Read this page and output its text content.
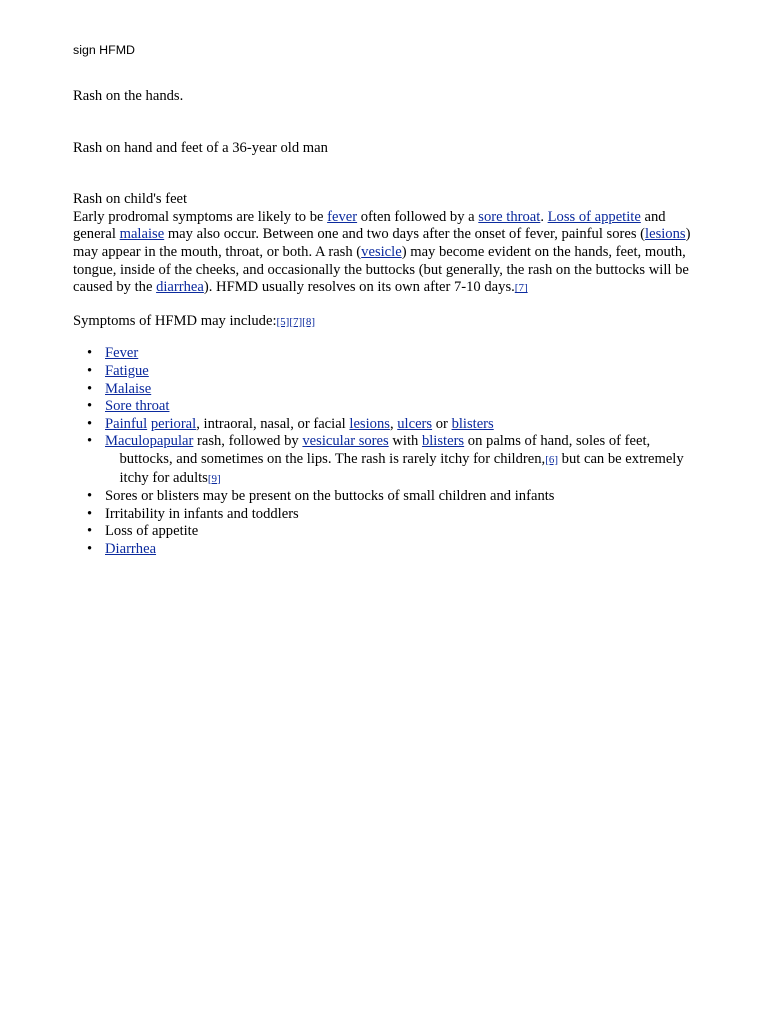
sign HFMD

Rash on the hands.

Rash on hand and feet of a 36-year old man

Rash on child's feet

Early prodromal symptoms are likely to be fever often followed by a sore throat. Loss of appetite and general malaise may also occur. Between one and two days after the onset of fever, painful sores (lesions) may appear in the mouth, throat, or both. A rash (vesicle) may become evident on the hands, feet, mouth, tongue, inside of the cheeks, and occasionally the buttocks (but generally, the rash on the buttocks will be caused by the diarrhea). HFMD usually resolves on its own after 7-10 days.[7]

Symptoms of HFMD may include:[5][7][8]

• Fever
• Fatigue
• Malaise
• Sore throat
• Painful perioral, intraoral, nasal, or facial lesions, ulcers or blisters
• Maculopapular rash, followed by vesicular sores with blisters on palms of hand, soles of feet, buttocks, and sometimes on the lips. The rash is rarely itchy for children,[6] but can be extremely itchy for adults[9]
• Sores or blisters may be present on the buttocks of small children and infants
• Irritability in infants and toddlers
• Loss of appetite
• Diarrhea
